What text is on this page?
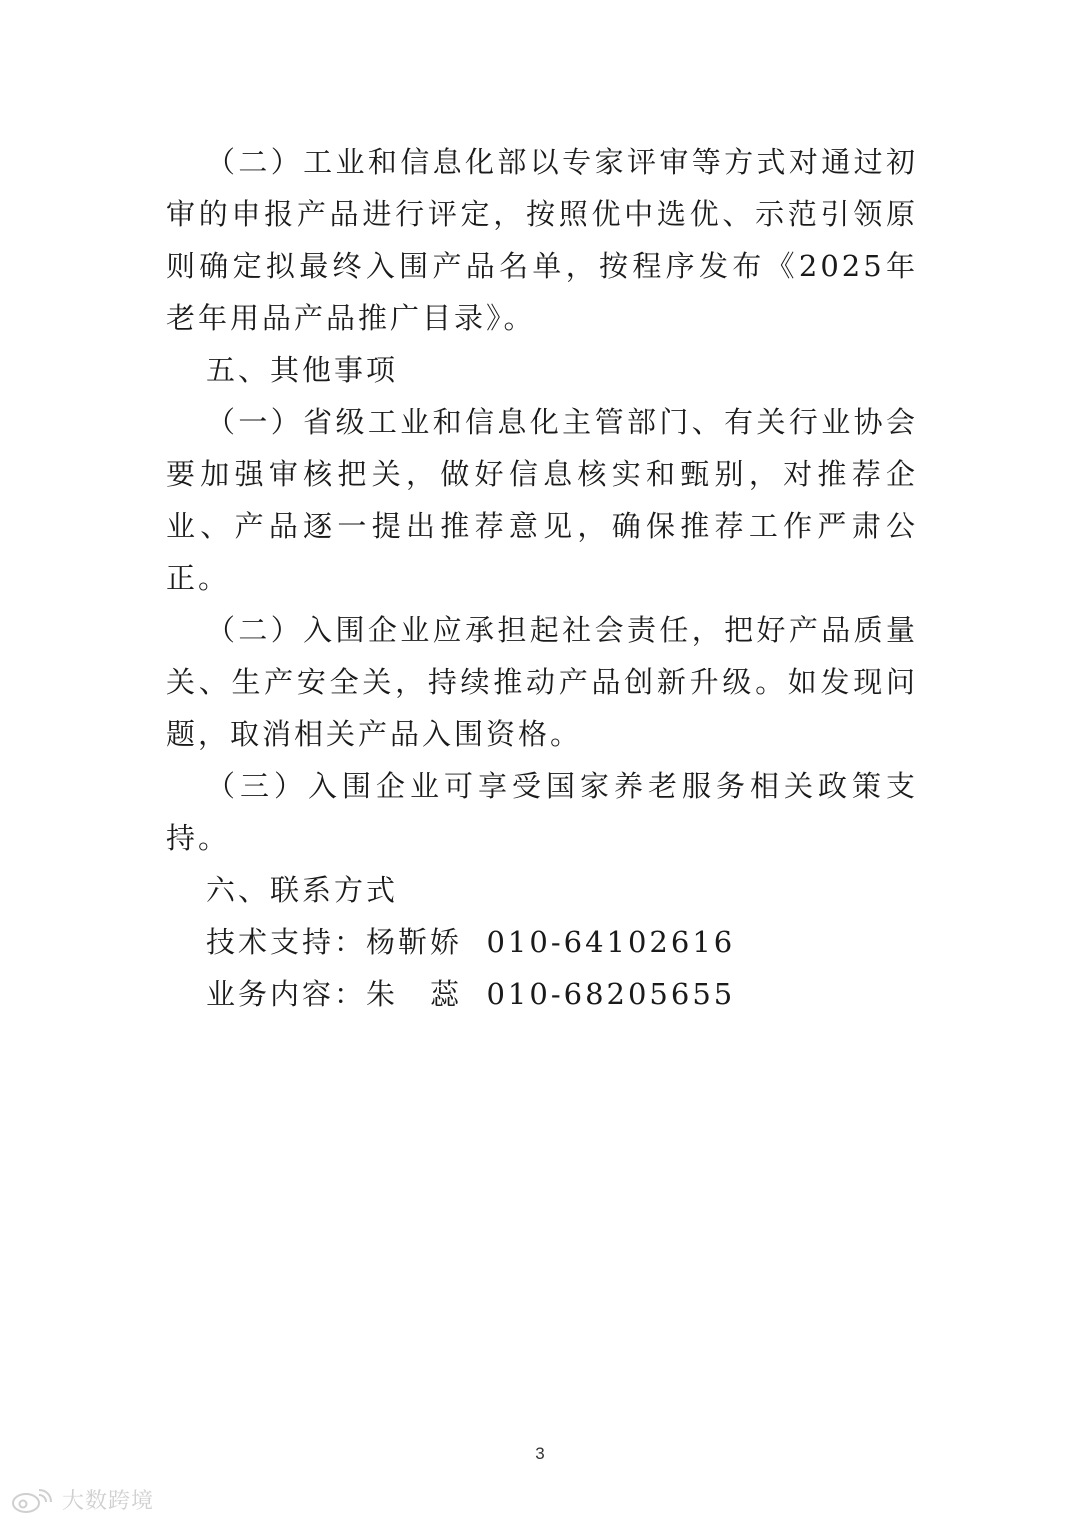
（二）工业和信息化部以专家评审等方式对通过初审的申报产品进行评定，按照优中选优、示范引领原则确定拟最终入围产品名单，按程序发布《2025年老年用品产品推广目录》。

五、其他事项

（一）省级工业和信息化主管部门、有关行业协会要加强审核把关，做好信息核实和甄别，对推荐企业、产品逐一提出推荐意见，确保推荐工作严肃公正。

（二）入围企业应承担起社会责任，把好产品质量关、生产安全关，持续推动产品创新升级。如发现问题，取消相关产品入围资格。

（三）入围企业可享受国家养老服务相关政策支持。

六、联系方式

技术支持：杨靳娇 010-64102616

业务内容：朱　蕊 010-68205655

3
大数跨境
